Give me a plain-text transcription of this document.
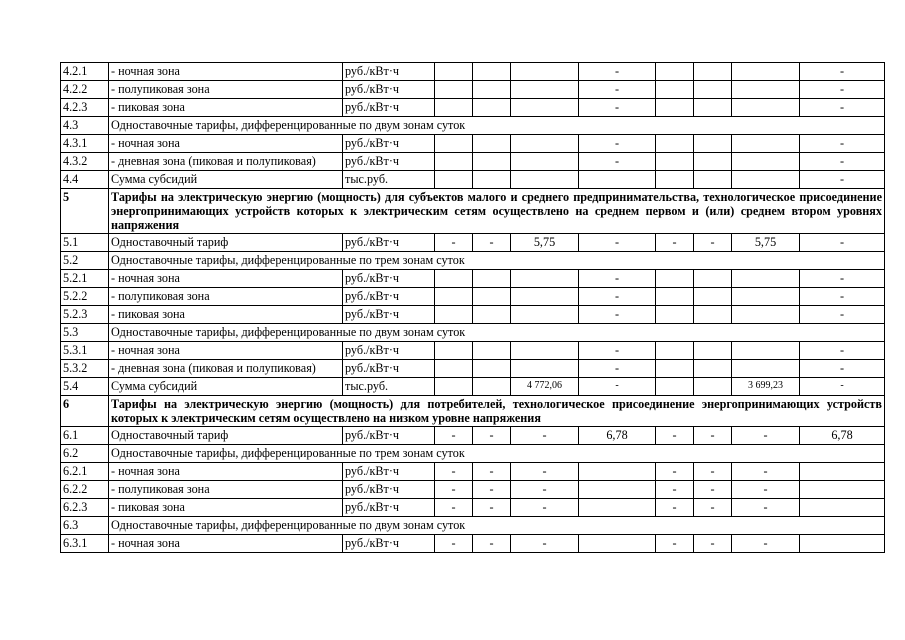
4.2.1	- ночная зона	руб./кВт·ч				-				-
4.2.2	- полупиковая зона	руб./кВт·ч				-				-
4.2.3	- пиковая зона	руб./кВт·ч				-				-
4.3	Одноставочные тарифы, дифференцированные по двум зонам суток									
4.3.1	- ночная зона	руб./кВт·ч				-				-
4.3.2	- дневная зона (пиковая и полупиковая)	руб./кВт·ч				-				-
4.4	Сумма субсидий	тыс.руб.								-
5	Тарифы на электрическую энергию (мощность) для субъектов малого и среднего предпринимательства, технологическое присоединение энергопринимающих устройств которых к электрическим сетям осуществлено на среднем первом и (или) среднем втором уровнях напряжения									
5.1	Одноставочный тариф	руб./кВт·ч	-	-	5,75	-	-	-	5,75	-
5.2	Одноставочные тарифы, дифференцированные по трем зонам суток									
5.2.1	- ночная зона	руб./кВт·ч				-				-
5.2.2	- полупиковая зона	руб./кВт·ч				-				-
5.2.3	- пиковая зона	руб./кВт·ч				-				-
5.3	Одноставочные тарифы, дифференцированные по двум зонам суток									
5.3.1	- ночная зона	руб./кВт·ч				-				-
5.3.2	- дневная зона (пиковая и полупиковая)	руб./кВт·ч				-				-
5.4	Сумма субсидий	тыс.руб.			4 772,06	-			3 699,23	-
6	Тарифы на электрическую энергию (мощность) для потребителей, технологическое присоединение энергопринимающих устройств которых к электрическим сетям осуществлено на низком уровне напряжения									
6.1	Одноставочный тариф	руб./кВт·ч	-	-	-	6,78	-	-	-	6,78
6.2	Одноставочные тарифы, дифференцированные по трем зонам суток									
6.2.1	- ночная зона	руб./кВт·ч	-	-	-		-	-	-	
6.2.2	- полупиковая зона	руб./кВт·ч	-	-	-		-	-	-	
6.2.3	- пиковая зона	руб./кВт·ч	-	-	-		-	-	-	
6.3	Одноставочные тарифы, дифференцированные по двум зонам суток									
6.3.1	- ночная зона	руб./кВт·ч	-	-	-		-	-	-	
